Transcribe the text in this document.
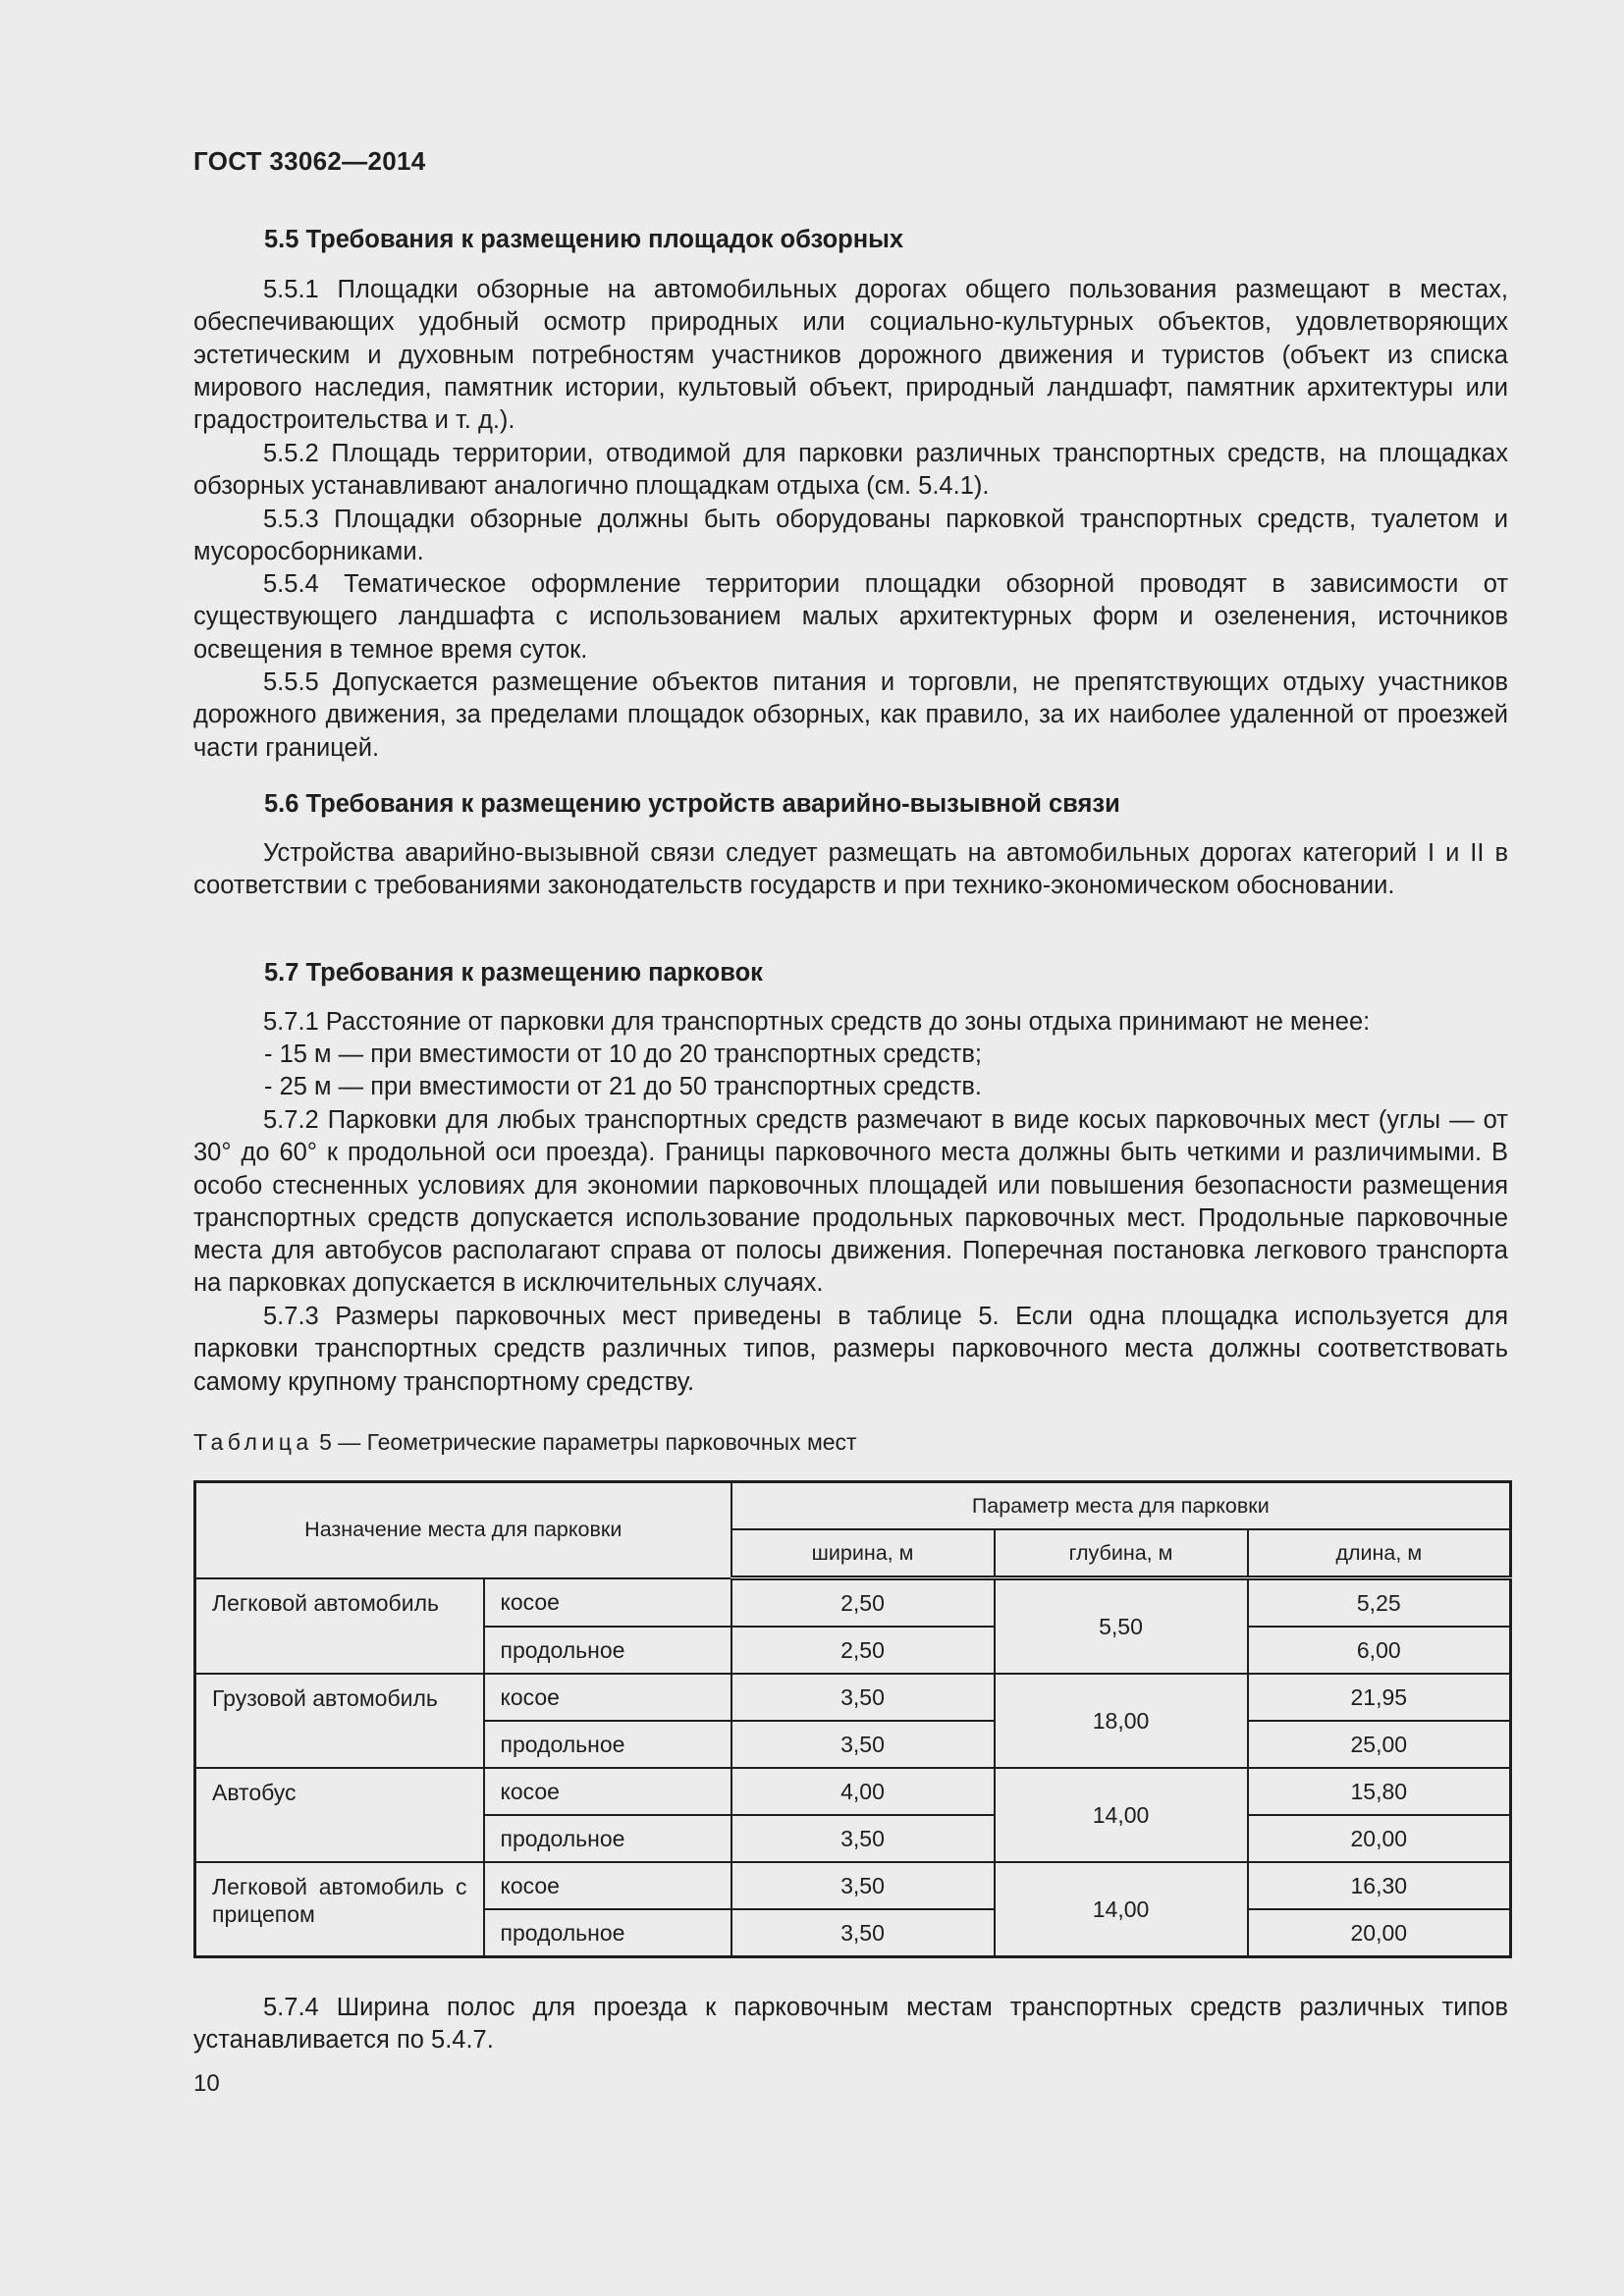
ГОСТ 33062—2014
5.5 Требования к размещению площадок обзорных

5.5.1 Площадки обзорные на автомобильных дорогах общего пользования размещают в местах, обеспечивающих удобный осмотр природных или социально-культурных объектов, удовлетворяющих эстетическим и духовным потребностям участников дорожного движения и туристов (объект из списка мирового наследия, памятник истории, культовый объект, природный ландшафт, памятник архитектуры или градостроительства и т. д.).

5.5.2 Площадь территории, отводимой для парковки различных транспортных средств, на площадках обзорных устанавливают аналогично площадкам отдыха (см. 5.4.1).

5.5.3 Площадки обзорные должны быть оборудованы парковкой транспортных средств, туалетом и мусоросборниками.

5.5.4 Тематическое оформление территории площадки обзорной проводят в зависимости от существующего ландшафта с использованием малых архитектурных форм и озеленения, источников освещения в темное время суток.

5.5.5 Допускается размещение объектов питания и торговли, не препятствующих отдыху участников дорожного движения, за пределами площадок обзорных, как правило, за их наиболее удаленной от проезжей части границей.

5.6 Требования к размещению устройств аварийно-вызывной связи

Устройства аварийно-вызывной связи следует размещать на автомобильных дорогах категорий I и II в соответствии с требованиями законодательств государств и при технико-экономическом обосновании.

5.7 Требования к размещению парковок

5.7.1 Расстояние от парковки для транспортных средств до зоны отдыха принимают не менее:

- 15 м — при вместимости от 10 до 20 транспортных средств;

- 25 м — при вместимости от 21 до 50 транспортных средств.

5.7.2 Парковки для любых транспортных средств размечают в виде косых парковочных мест (углы — от 30° до 60° к продольной оси проезда). Границы парковочного места должны быть четкими и различимыми. В особо стесненных условиях для экономии парковочных площадей или повышения безопасности размещения транспортных средств допускается использование продольных парковочных мест. Продольные парковочные места для автобусов располагают справа от полосы движения. Поперечная постановка легкового транспорта на парковках допускается в исключительных случаях.

5.7.3 Размеры парковочных мест приведены в таблице 5. Если одна площадка используется для парковки транспортных средств различных типов, размеры парковочного места должны соответствовать самому крупному транспортному средству.

Таблица 5 — Геометрические параметры парковочных мест
Назначение места для парковки		Параметр места для парковки		
		ширина, м	глубина, м	длина, м
Легковой автомобиль	косое	2,50	5,50	5,25
	продольное	2,50		6,00
Грузовой автомобиль	косое	3,50	18,00	21,95
	продольное	3,50		25,00
Автобус	косое	4,00	14,00	15,80
	продольное	3,50		20,00
Легковой автомобиль с прицепом	косое	3,50	14,00	16,30
	продольное	3,50		20,00

5.7.4 Ширина полос для проезда к парковочным местам транспортных средств различных типов устанавливается по 5.4.7.

10
